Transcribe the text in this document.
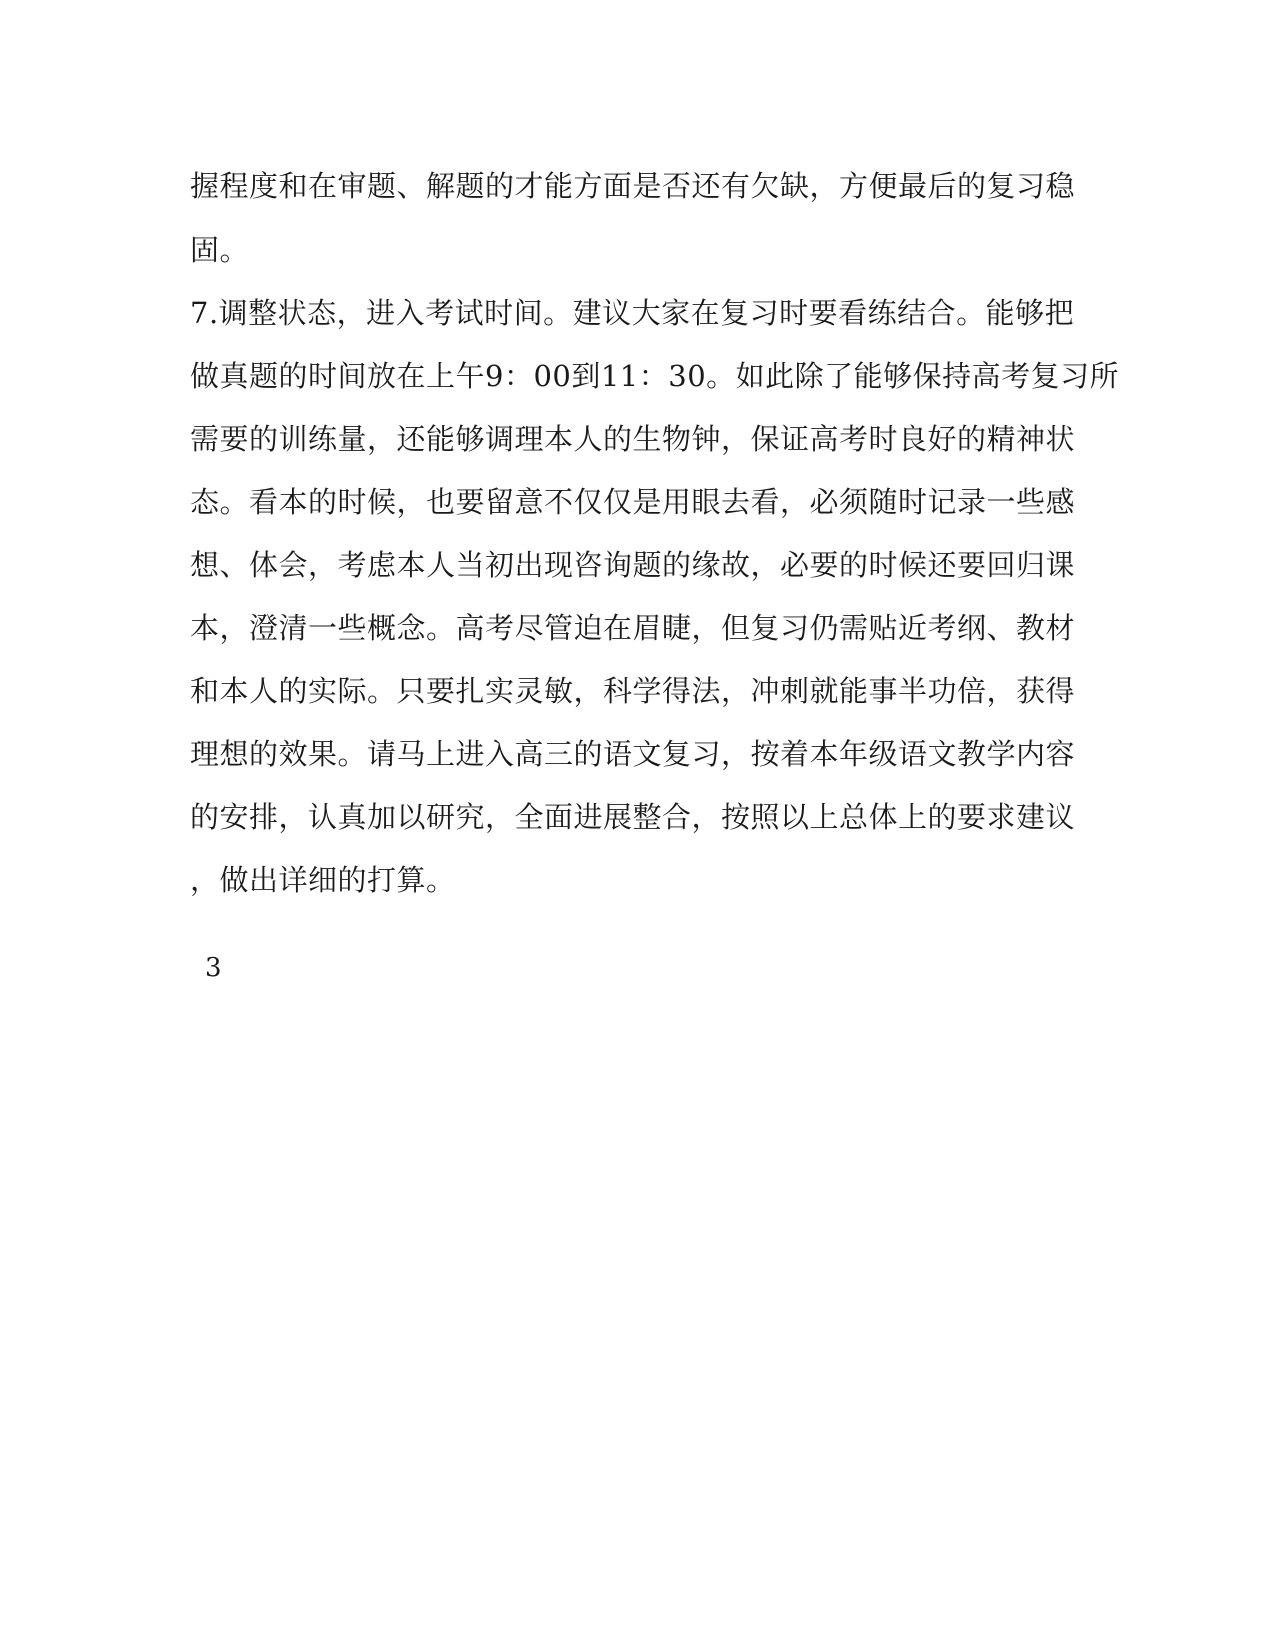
握程度和在审题、解题的才能方面是否还有欠缺，方便最后的复习稳
固。
7.调整状态，进入考试时间。建议大家在复习时要看练结合。能够把
做真题的时间放在上午9：00到11：30。如此除了能够保持高考复习所
需要的训练量，还能够调理本人的生物钟，保证高考时良好的精神状
态。看本的时候，也要留意不仅仅是用眼去看，必须随时记录一些感
想、体会，考虑本人当初出现咨询题的缘故，必要的时候还要回归课
本，澄清一些概念。高考尽管迫在眉睫，但复习仍需贴近考纲、教材
和本人的实际。只要扎实灵敏，科学得法，冲刺就能事半功倍，获得
理想的效果。请马上进入高三的语文复习，按着本年级语文教学内容
的安排，认真加以研究，全面进展整合，按照以上总体上的要求建议
，做出详细的打算。
3
